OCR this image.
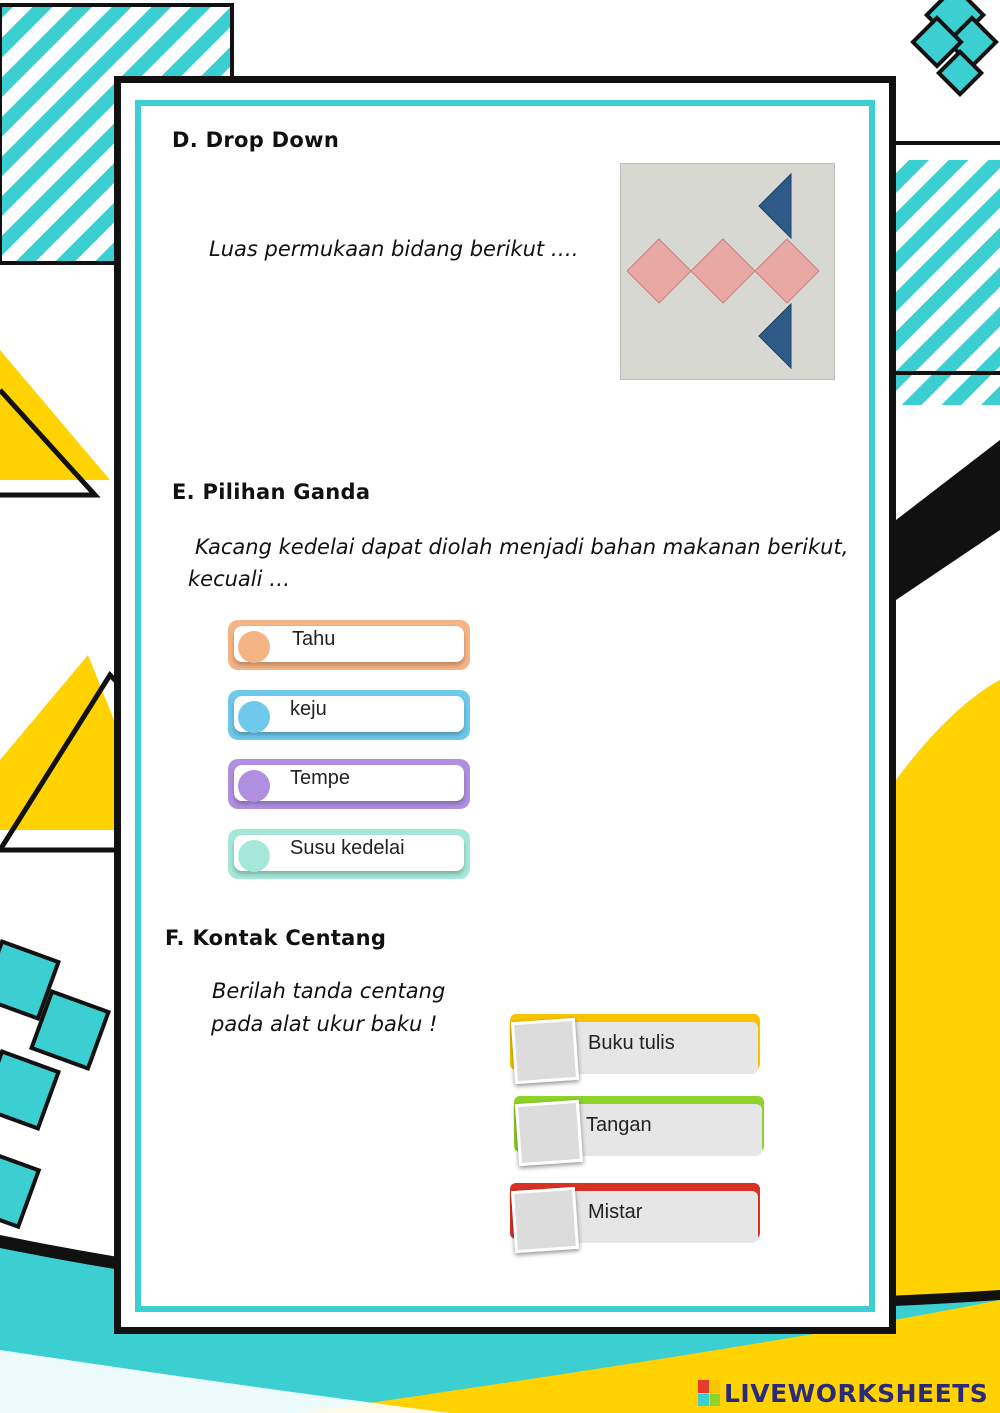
D. Drop Down
Luas permukaan bidang berikut ….
E. Pilihan Ganda
Kacang kedelai dapat diolah menjadi bahan makanan berikut,
kecuali …
Tahu
keju
Tempe
Susu kedelai
F. Kontak Centang
Berilah tanda centang
pada alat ukur baku !
Buku tulis
Tangan
Mistar
LIVEWORKSHEETS
